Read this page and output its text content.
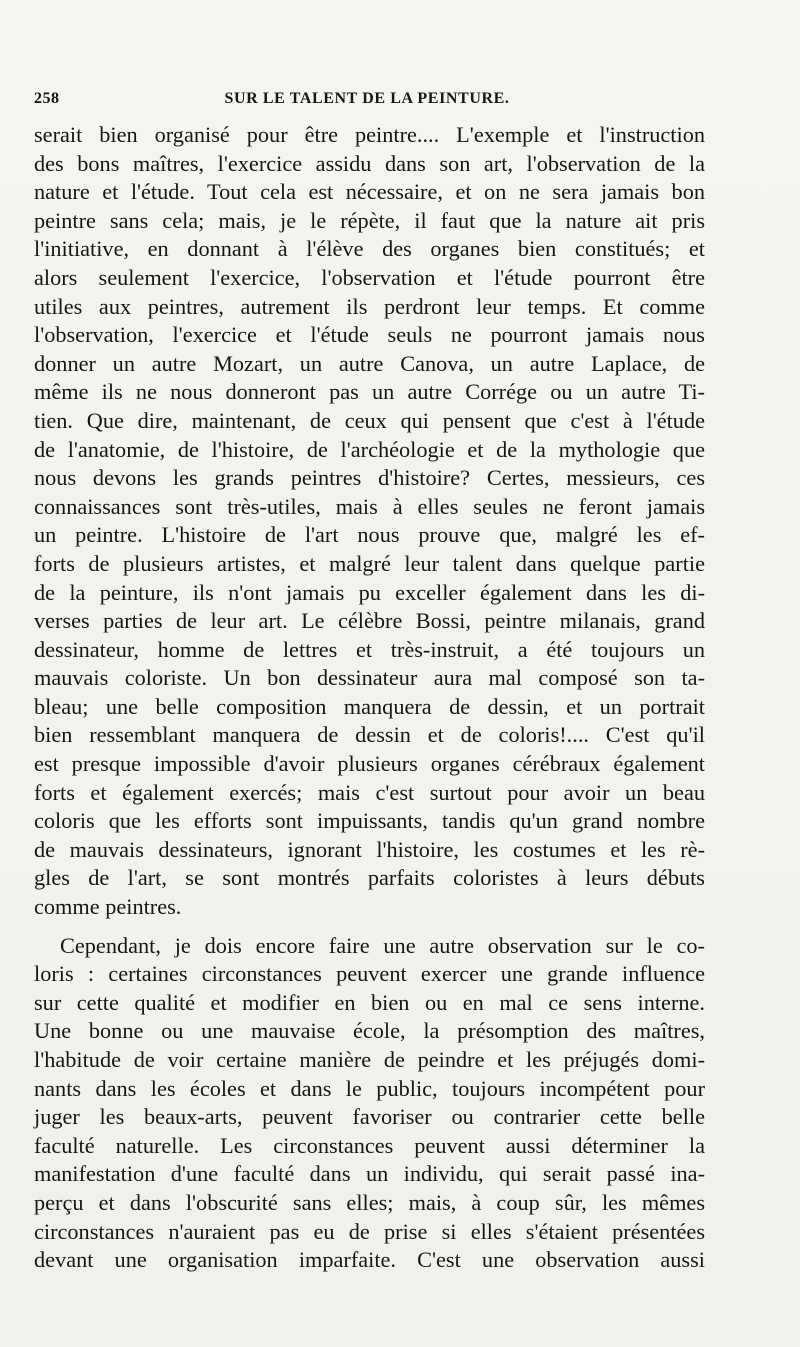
258	SUR LE TALENT DE LA PEINTURE.
serait bien organisé pour être peintre.... L'exemple et l'instruction
des bons maîtres, l'exercice assidu dans son art, l'observation de la
nature et l'étude. Tout cela est nécessaire, et on ne sera jamais bon
peintre sans cela; mais, je le répète, il faut que la nature ait pris
l'initiative, en donnant à l'élève des organes bien constitués; et
alors seulement l'exercice, l'observation et l'étude pourront être
utiles aux peintres, autrement ils perdront leur temps. Et comme
l'observation, l'exercice et l'étude seuls ne pourront jamais nous
donner un autre Mozart, un autre Canova, un autre Laplace, de
même ils ne nous donneront pas un autre Corrége ou un autre Ti-
tien. Que dire, maintenant, de ceux qui pensent que c'est à l'étude
de l'anatomie, de l'histoire, de l'archéologie et de la mythologie que
nous devons les grands peintres d'histoire? Certes, messieurs, ces
connaissances sont très-utiles, mais à elles seules ne feront jamais
un peintre. L'histoire de l'art nous prouve que, malgré les ef-
forts de plusieurs artistes, et malgré leur talent dans quelque partie
de la peinture, ils n'ont jamais pu exceller également dans les di-
verses parties de leur art. Le célèbre Bossi, peintre milanais, grand
dessinateur, homme de lettres et très-instruit, a été toujours un
mauvais coloriste. Un bon dessinateur aura mal composé son ta-
bleau; une belle composition manquera de dessin, et un portrait
bien ressemblant manquera de dessin et de coloris!.... C'est qu'il
est presque impossible d'avoir plusieurs organes cérébraux également
forts et également exercés; mais c'est surtout pour avoir un beau
coloris que les efforts sont impuissants, tandis qu'un grand nombre
de mauvais dessinateurs, ignorant l'histoire, les costumes et les rè-
gles de l'art, se sont montrés parfaits coloristes à leurs débuts
comme peintres.
Cependant, je dois encore faire une autre observation sur le co-
loris : certaines circonstances peuvent exercer une grande influence
sur cette qualité et modifier en bien ou en mal ce sens interne.
Une bonne ou une mauvaise école, la présomption des maîtres,
l'habitude de voir certaine manière de peindre et les préjugés domi-
nants dans les écoles et dans le public, toujours incompétent pour
juger les beaux-arts, peuvent favoriser ou contrarier cette belle
faculté naturelle. Les circonstances peuvent aussi déterminer la
manifestation d'une faculté dans un individu, qui serait passé ina-
perçu et dans l'obscurité sans elles; mais, à coup sûr, les mêmes
circonstances n'auraient pas eu de prise si elles s'étaient présentées
devant une organisation imparfaite. C'est une observation aussi
